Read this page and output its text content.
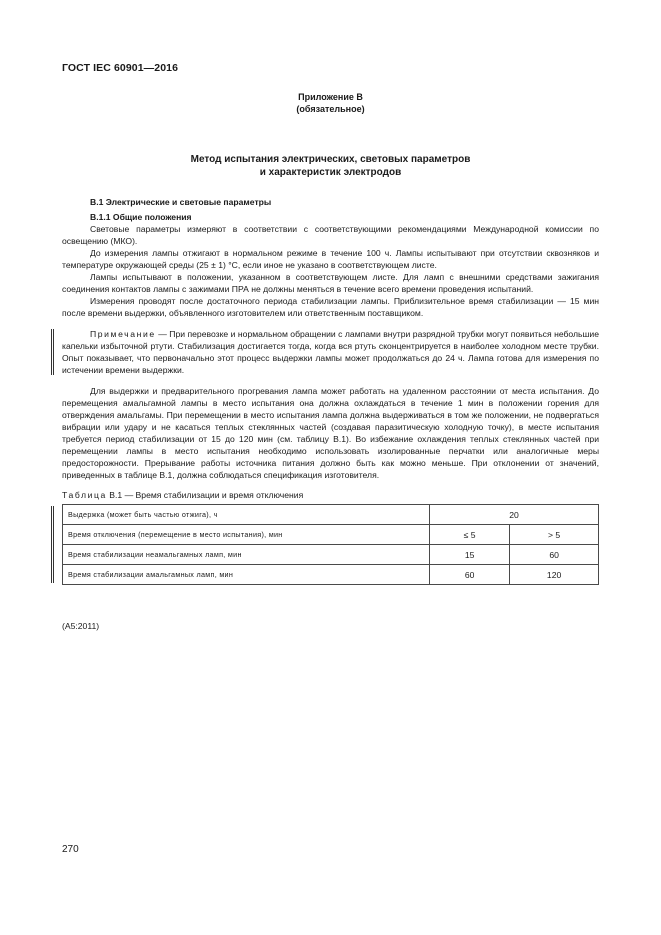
ГОСТ IEC 60901—2016
Приложение В
(обязательное)
Метод испытания электрических, световых параметров
и характеристик электродов
В.1 Электрические и световые параметры
В.1.1 Общие положения

Световые параметры измеряют в соответствии с соответствующими рекомендациями Международной комиссии по освещению (МКО).

До измерения лампы отжигают в нормальном режиме в течение 100 ч. Лампы испытывают при отсутствии сквозняков и температуре окружающей среды (25 ± 1) °С, если иное не указано в соответствующем листе.

Лампы испытывают в положении, указанном в соответствующем листе. Для ламп с внешними средствами зажигания соединения контактов лампы с зажимами ПРА не должны меняться в течение всего времени проведения испытаний.

Измерения проводят после достаточного периода стабилизации лампы. Приблизительное время стабилизации — 15 мин после времени выдержки, объявленного изготовителем или ответственным поставщиком.

Примечание — При перевозке и нормальном обращении с лампами внутри разрядной трубки могут появиться небольшие капельки избыточной ртути. Стабилизация достигается тогда, когда вся ртуть сконцентрируется в наиболее холодном месте трубки. Опыт показывает, что первоначально этот процесс выдержки лампы может продолжаться до 24 ч. Лампа готова для измерения по истечении времени выдержки.

Для выдержки и предварительного прогревания лампа может работать на удаленном расстоянии от места испытания. До перемещения амальгамной лампы в место испытания она должна охлаждаться в течение 1 мин в положении горения для отверждения амальгамы. При перемещении в место испытания лампа должна выдерживаться в том же положении, не подвергаться вибрации или удару и не касаться теплых стеклянных частей (создавая паразитическую холодную точку), в месте испытания требуется период стабилизации от 15 до 120 мин (см. таблицу В.1). Во избежание охлаждения теплых стеклянных частей при перемещении лампы в место испытания необходимо использовать изолированные перчатки или аналогичные меры предосторожности. Прерывание работы источника питания должно быть как можно меньше. При отклонении от значений, приведенных в таблице В.1, должна соблюдаться спецификация изготовителя.

Таблица В.1 — Время стабилизации и время отключения
Выдержка (может быть частью отжига), ч	20	
Время отключения (перемещение в место испытания), мин	≤ 5	> 5
Время стабилизации неамальгамных ламп, мин	15	60
Время стабилизации амальгамных ламп, мин	60	120
(A5:2011)
270
